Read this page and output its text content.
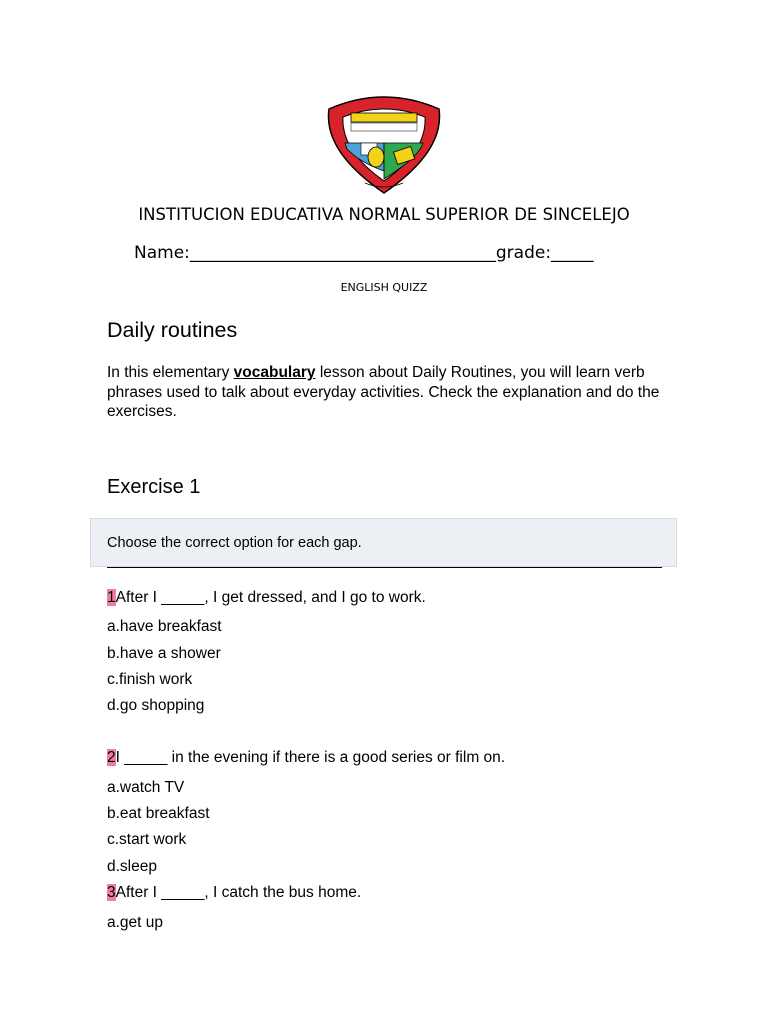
INSTITUCION EDUCATIVA NORMAL SUPERIOR DE SINCELEJO
Name:____________________________________grade:_____
ENGLISH QUIZZ
Daily routines
In this elementary vocabulary lesson about Daily Routines, you will learn verb phrases used to talk about everyday activities. Check the explanation and do the exercises.
Exercise 1
Choose the correct option for each gap.
1After I _____, I get dressed, and I go to work.
a.have breakfast
b.have a shower
c.finish work
d.go shopping
2I _____ in the evening if there is a good series or film on.
a.watch TV
b.eat breakfast
c.start work
d.sleep
3After I _____, I catch the bus home.
a.get up
